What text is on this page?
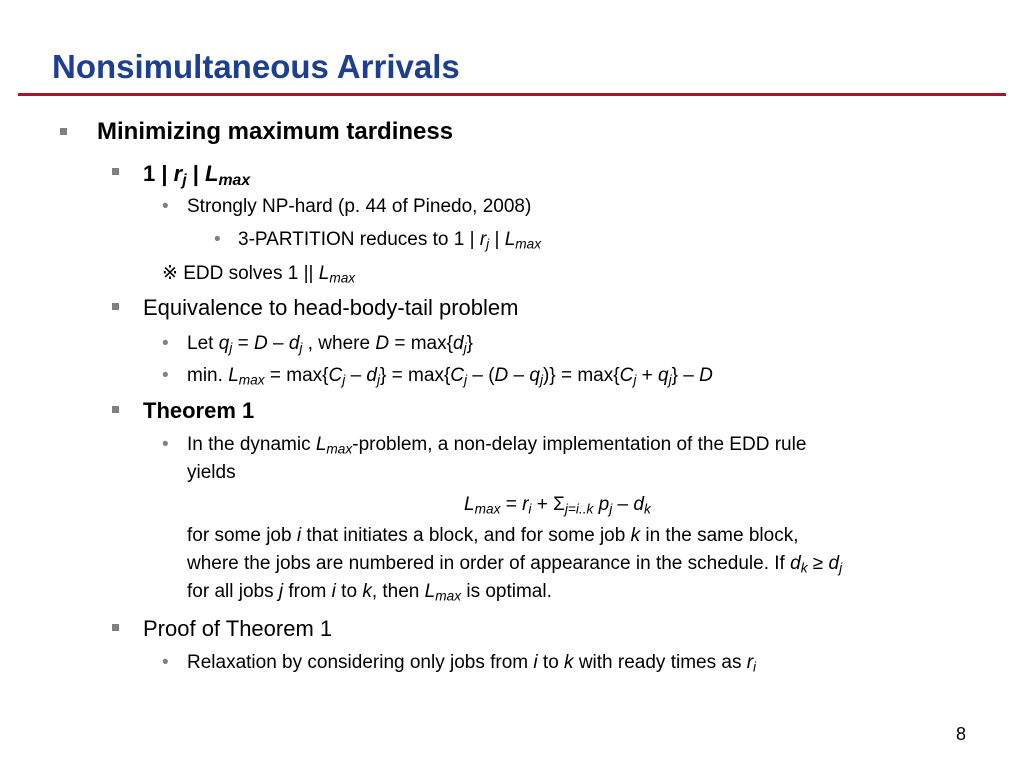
Nonsimultaneous Arrivals
Minimizing maximum tardiness
1 | $r_j$ | $L_{max}$
• Strongly NP-hard (p. 44 of Pinedo, 2008)
• 3-PARTITION reduces to 1 | $r_j$ | $L_{max}$
※ EDD solves 1 || $L_{max}$
Equivalence to head-body-tail problem
• Let $q_j = D - d_j$ , where $D = \max\{d_j\}$
• min. $L_{max} = \max\{C_j - d_j\} = \max\{C_j - (D - q_j)\} = \max\{C_j + q_j\} - D$
Theorem 1
• In the dynamic $L_{max}$-problem, a non-delay implementation of the EDD rule
yields
$L_{max} = r_i + \Sigma_{j=i..k}$ $p_j - d_k$
for some job i that initiates a block, and for some job k in the same block,
where the jobs are numbered in order of appearance in the schedule. If $d_k \ge d_j$
for all jobs j from i to k, then $L_{max}$ is optimal.
Proof of Theorem 1
• Relaxation by considering only jobs from i to k with ready times as $r_i$
8
